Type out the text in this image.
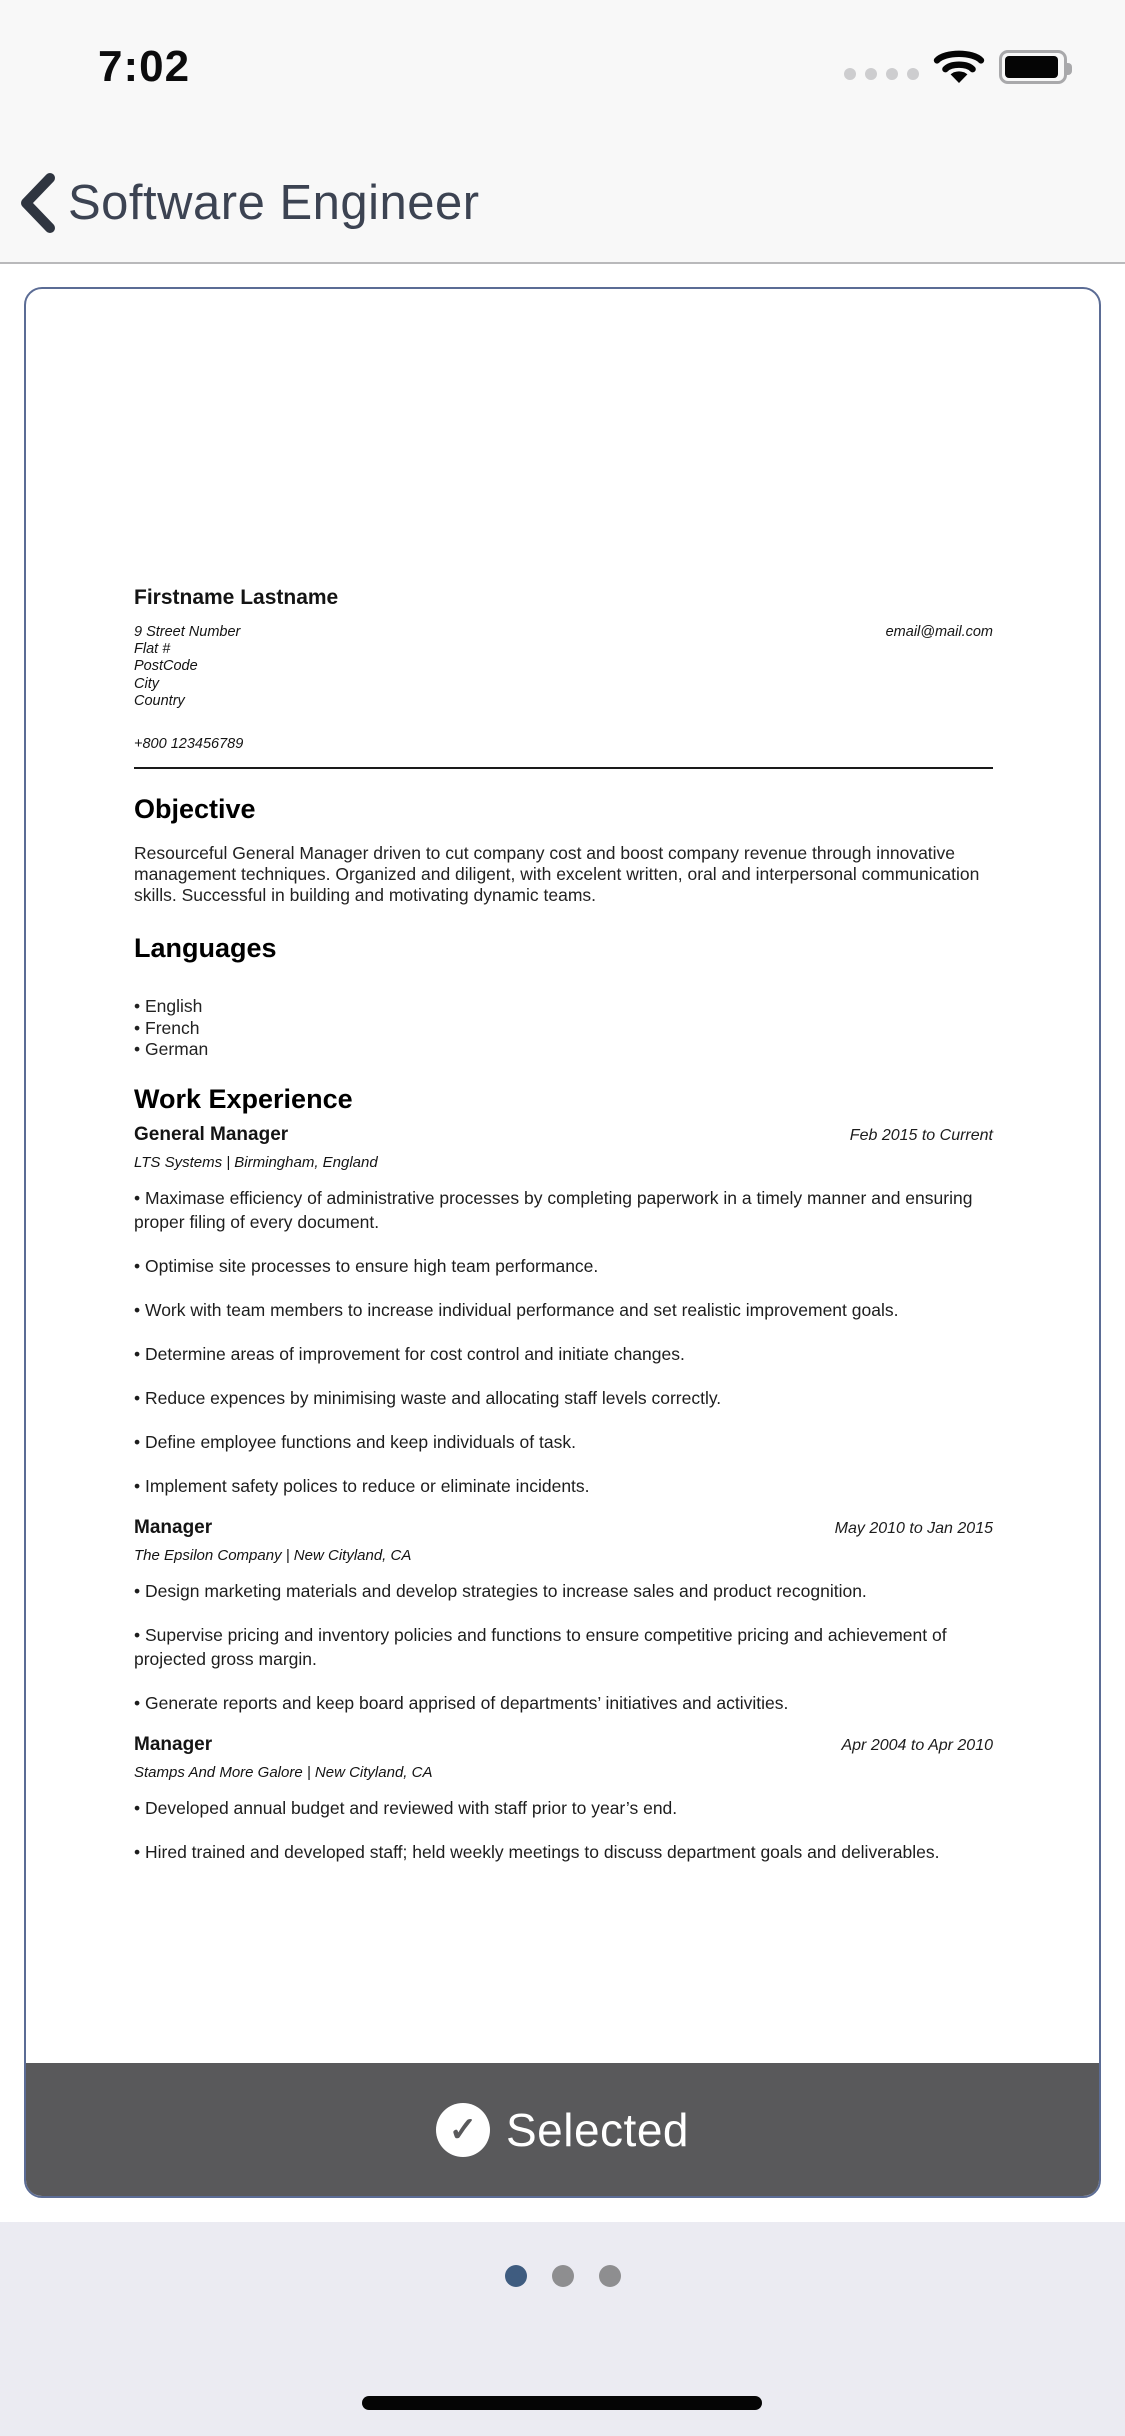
7:02
Software Engineer
Firstname Lastname
9 Street Number
Flat #
PostCode
City
Country
email@mail.com
+800 123456789
Objective

Resourceful General Manager driven to cut company cost and boost company revenue through innovative management techniques. Organized and diligent, with excelent written, oral and interpersonal communication skills. Successful in building and motivating dynamic teams.

Languages
• English
• French
• German
Work Experience
General Manager	Feb 2015 to Current
LTS Systems | Birmingham, England

• Maximase efficiency of administrative processes by completing paperwork in a timely manner and ensuring proper filing of every document.

• Optimise site processes to ensure high team performance.

• Work with team members to increase individual performance and set realistic improvement goals.

• Determine areas of improvement for cost control and initiate changes.

• Reduce expences by minimising waste and allocating staff levels correctly.

• Define employee functions and keep individuals of task.

• Implement safety polices to reduce or eliminate incidents.

Manager	May 2010 to Jan 2015
The Epsilon Company | New Cityland, CA

• Design marketing materials and develop strategies to increase sales and product recognition.

• Supervise pricing and inventory policies and functions to ensure competitive pricing and achievement of projected gross margin.

• Generate reports and keep board apprised of departments’ initiatives and activities.

Manager	Apr 2004 to Apr 2010
Stamps And More Galore | New Cityland, CA

• Developed annual budget and reviewed with staff prior to year’s end.

• Hired trained and developed staff; held weekly meetings to discuss department goals and deliverables.

✓ Selected
